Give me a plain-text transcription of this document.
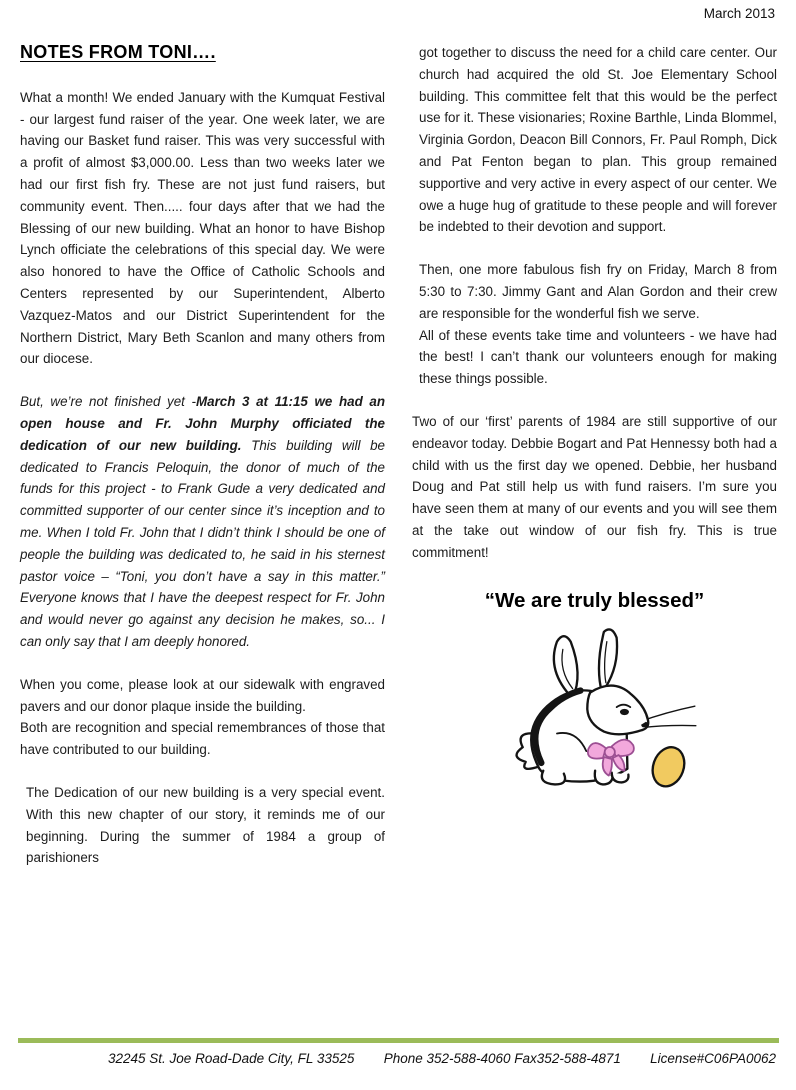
March 2013
NOTES FROM TONI….

What a month! We ended January with the Kumquat Festival - our largest fund raiser of the year. One week later, we are having our Basket fund raiser. This was very successful with a profit of almost $3,000.00. Less than two weeks later we had our first fish fry. These are not just fund raisers, but community event. Then..... four days after that we had the Blessing of our new building. What an honor to have Bishop Lynch officiate the celebrations of this special day. We were also honored to have the Office of Catholic Schools and Centers represented by our Superintendent, Alberto Vazquez-Matos and our District Superintendent for the Northern District, Mary Beth Scanlon and many others from our diocese.

But, we’re not finished yet -March 3 at 11:15 we had an open house and Fr. John Murphy officiated the dedication of our new building. This building will be dedicated to Francis Peloquin, the donor of much of the funds for this project - to Frank Gude a very dedicated and committed supporter of our center since it’s inception and to me. When I told Fr. John that I didn’t think I should be one of people the building was dedicated to, he said in his sternest pastor voice – “Toni, you don’t have a say in this matter.” Everyone knows that I have the deepest respect for Fr. John and would never go against any decision he makes, so... I can only say that I am deeply honored.

When you come, please look at our sidewalk with engraved pavers and our donor plaque inside the building.

Both are recognition and special remembrances of those that have contributed to our building.

The Dedication of our new building is a very special event. With this new chapter of our story, it reminds me of our beginning. During the summer of 1984 a group of parishioners

got together to discuss the need for a child care center. Our church had acquired the old St. Joe Elementary School building. This committee felt that this would be the perfect use for it. These visionaries; Roxine Barthle, Linda Blommel, Virginia Gordon, Deacon Bill Connors, Fr. Paul Romph, Dick and Pat Fenton began to plan. This group remained supportive and very active in every aspect of our center. We owe a huge hug of gratitude to these people and will forever be indebted to their devotion and support.

Then, one more fabulous fish fry on Friday, March 8 from 5:30 to 7:30. Jimmy Gant and Alan Gordon and their crew are responsible for the wonderful fish we serve.

All of these events take time and volunteers - we have had the best! I can’t thank our volunteers enough for making these things possible.

Two of our ‘first’ parents of 1984 are still supportive of our endeavor today. Debbie Bogart and Pat Hennessy both had a child with us the first day we opened. Debbie, her husband Doug and Pat still help us with fund raisers. I’m sure you have seen them at many of our events and you will see them at the take out window of our fish fry. This is true commitment!

“We are truly blessed”
32245 St. Joe Road-Dade City, FL 33525 Phone 352-588-4060 Fax352-588-4871 License#C06PA0062
